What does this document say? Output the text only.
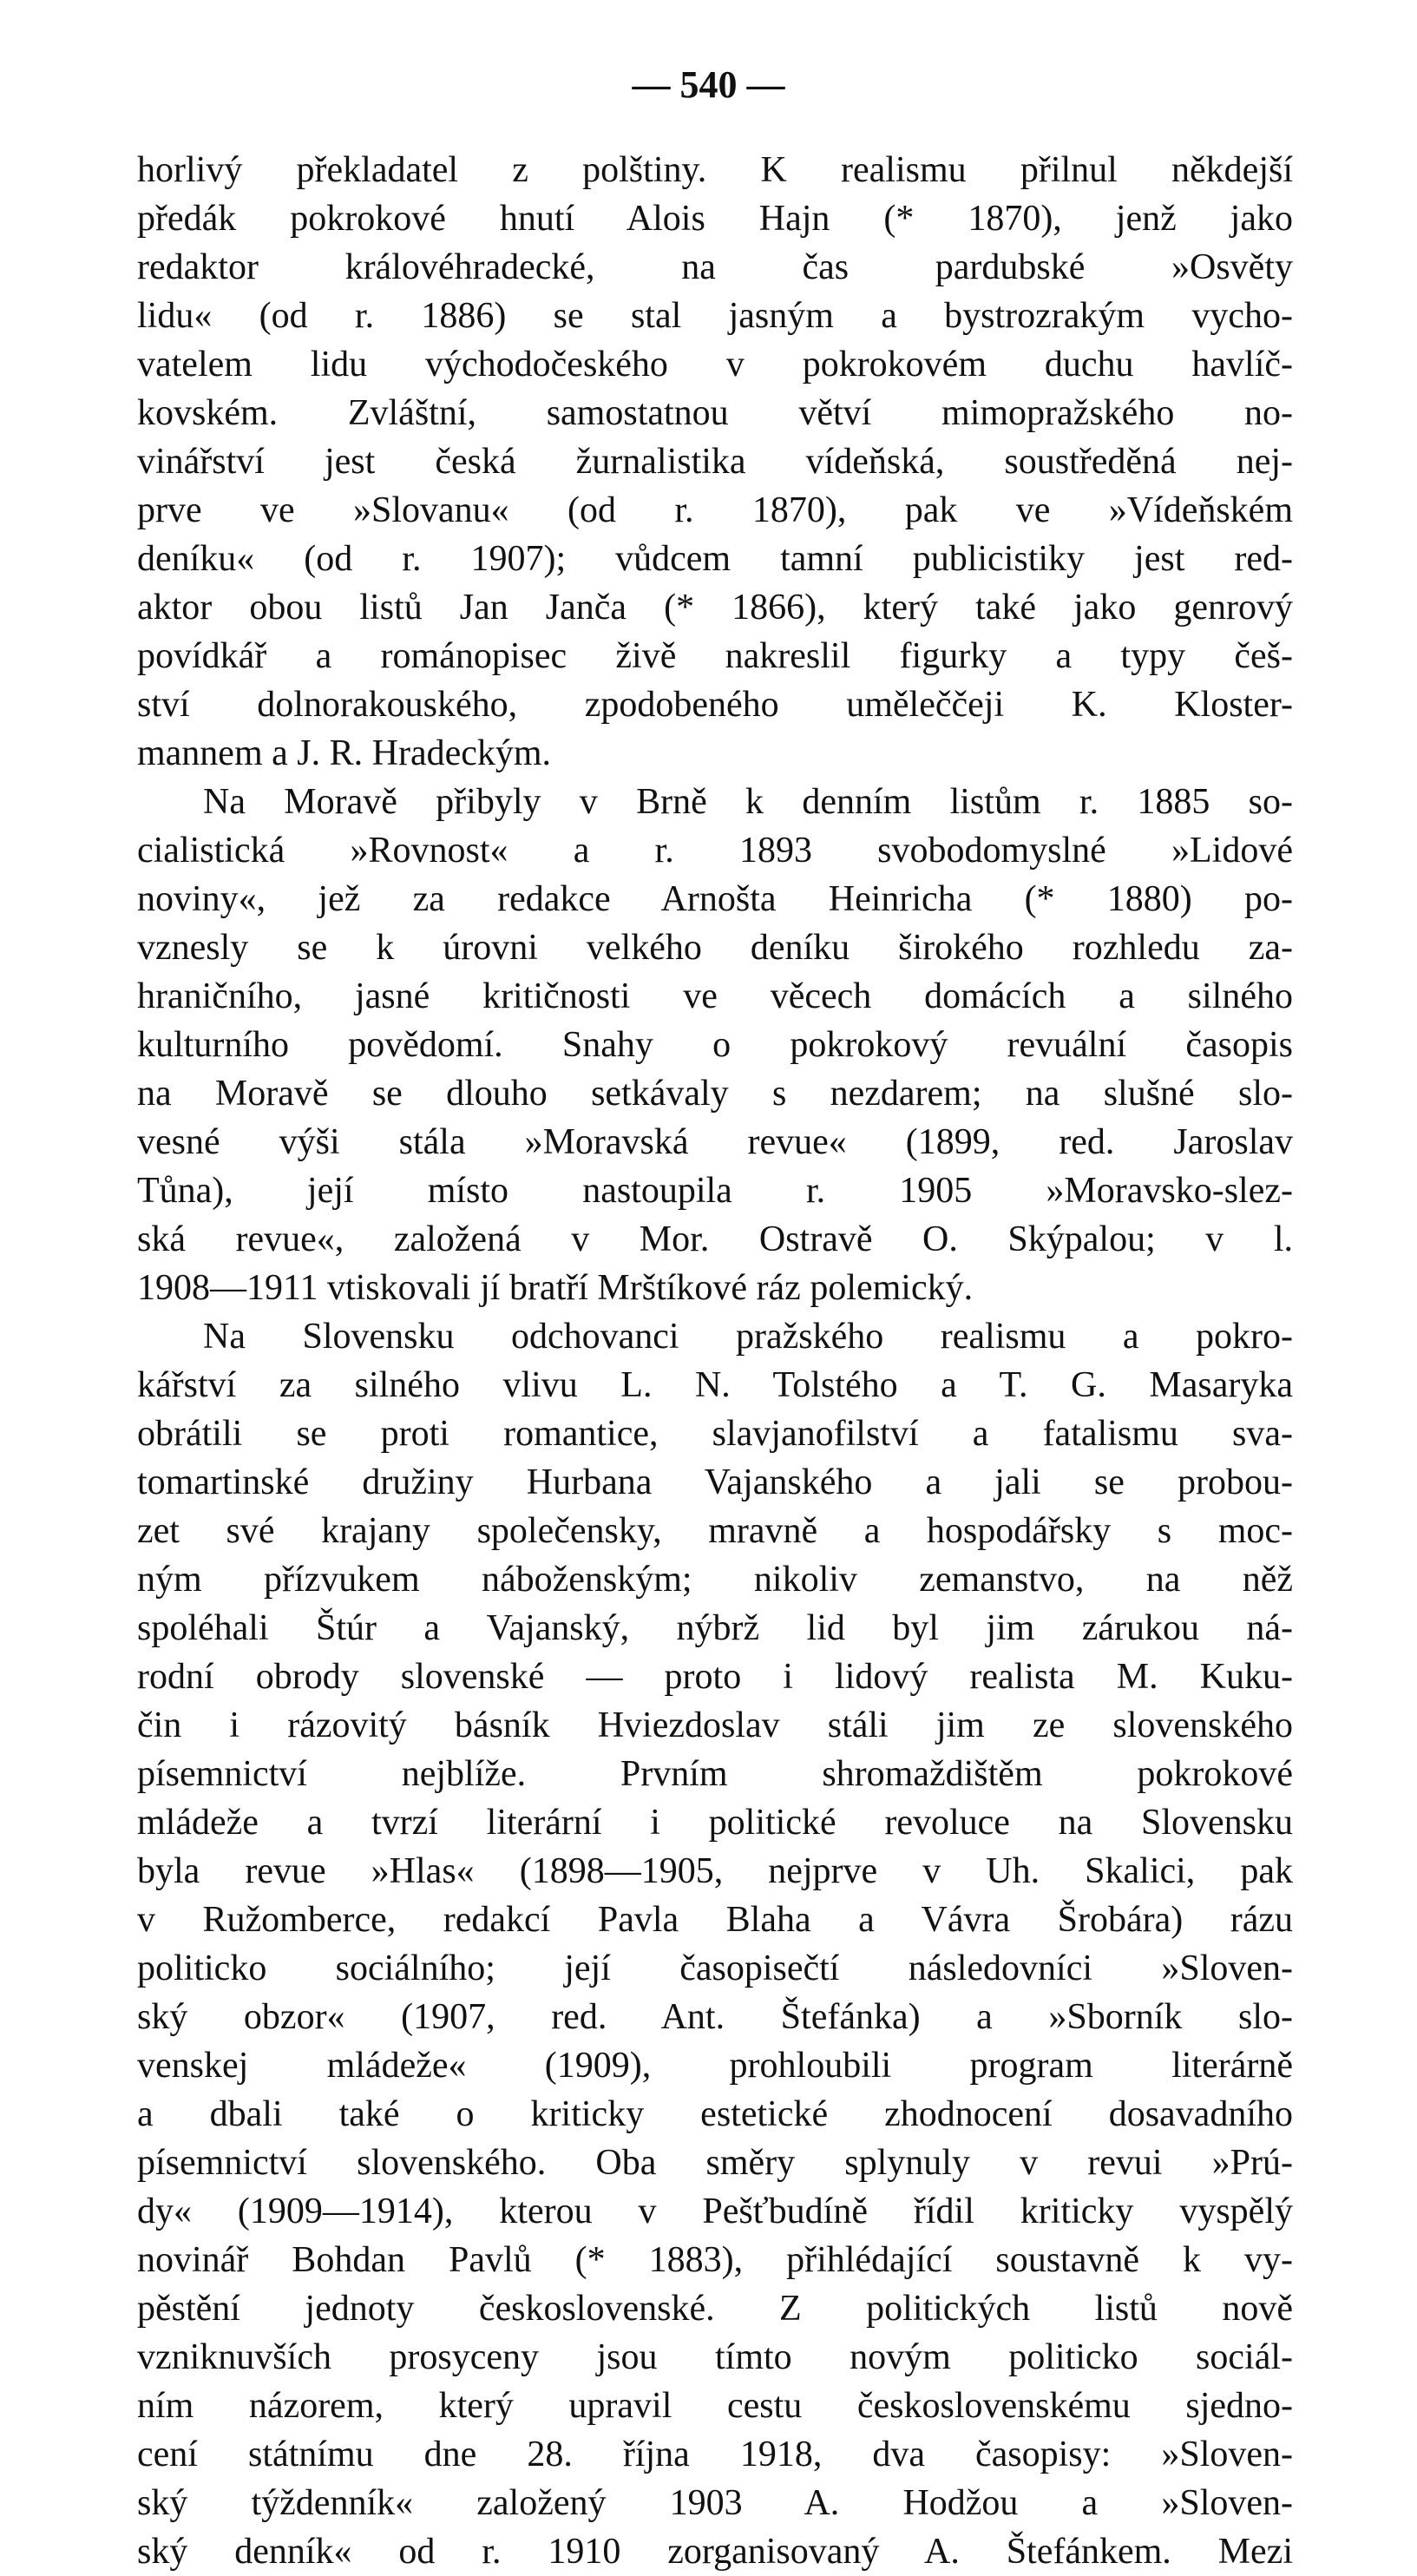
— 540 —
horlivý překladatel z polštiny. K realismu přilnul někdejší
předák pokrokové hnutí Alois Hajn (* 1870), jenž jako
redaktor královéhradecké, na čas pardubské »Osvěty
lidu« (od r. 1886) se stal jasným a bystrozrakým vycho-
vatelem lidu východočeského v pokrokovém duchu havlíč-
kovském. Zvláštní, samostatnou větví mimopražského no-
vinářství jest česká žurnalistika vídeňská, soustředěná nej-
prve ve »Slovanu« (od r. 1870), pak ve »Vídeňském
deníku« (od r. 1907); vůdcem tamní publicistiky jest red-
aktor obou listů Jan Janča (* 1866), který také jako genrový
povídkář a románopisec živě nakreslil figurky a typy češ-
ství dolnorakouského, zpodobeného uměleččeji K. Kloster-
mannem a J. R. Hradeckým.
Na Moravě přibyly v Brně k denním listům r. 1885 so-
cialistická »Rovnost« a r. 1893 svobodomyslné »Lidové
noviny«, jež za redakce Arnošta Heinricha (* 1880) po-
vznesly se k úrovni velkého deníku širokého rozhledu za-
hraničního, jasné kritičnosti ve věcech domácích a silného
kulturního povědomí. Snahy o pokrokový revuální časopis
na Moravě se dlouho setkávaly s nezdarem; na slušné slo-
vesné výši stála »Moravská revue« (1899, red. Jaroslav
Tůna), její místo nastoupila r. 1905 »Moravsko-slez-
ská revue«, založená v Mor. Ostravě O. Skýpalou; v l.
1908—1911 vtiskovali jí bratří Mrštíkové ráz polemický.
Na Slovensku odchovanci pražského realismu a pokro-
kářství za silného vlivu L. N. Tolstého a T. G. Masaryka
obrátili se proti romantice, slavjanofilství a fatalismu sva-
tomartinské družiny Hurbana Vajanského a jali se probou-
zet své krajany společensky, mravně a hospodářsky s moc-
ným přízvukem náboženským; nikoliv zemanstvo, na něž
spoléhali Štúr a Vajanský, nýbrž lid byl jim zárukou ná-
rodní obrody slovenské — proto i lidový realista M. Kuku-
čin i rázovitý básník Hviezdoslav stáli jim ze slovenského
písemnictví nejblíže. Prvním shromaždištěm pokrokové
mládeže a tvrzí literární i politické revoluce na Slovensku
byla revue »Hlas« (1898—1905, nejprve v Uh. Skalici, pak
v Ružomberce, redakcí Pavla Blaha a Vávra Šrobára) rázu
politicko sociálního; její časopisečtí následovníci »Sloven-
ský obzor« (1907, red. Ant. Štefánka) a »Sborník slo-
venskej mládeže« (1909), prohloubili program literárně
a dbali také o kriticky estetické zhodnocení dosavadního
písemnictví slovenského. Oba směry splynuly v revui »Prú-
dy« (1909—1914), kterou v Pešťbudíně řídil kriticky vyspělý
novinář Bohdan Pavlů (* 1883), přihlédající soustavně k vy-
pěstění jednoty československé. Z politických listů nově
vzniknuvších prosyceny jsou tímto novým politicko sociál-
ním názorem, který upravil cestu československému sjedno-
cení státnímu dne 28. října 1918, dva časopisy: »Sloven-
ský týždenník« založený 1903 A. Hodžou a »Sloven-
ský denník« od r. 1910 zorganisovaný A. Štefánkem. Mezi
